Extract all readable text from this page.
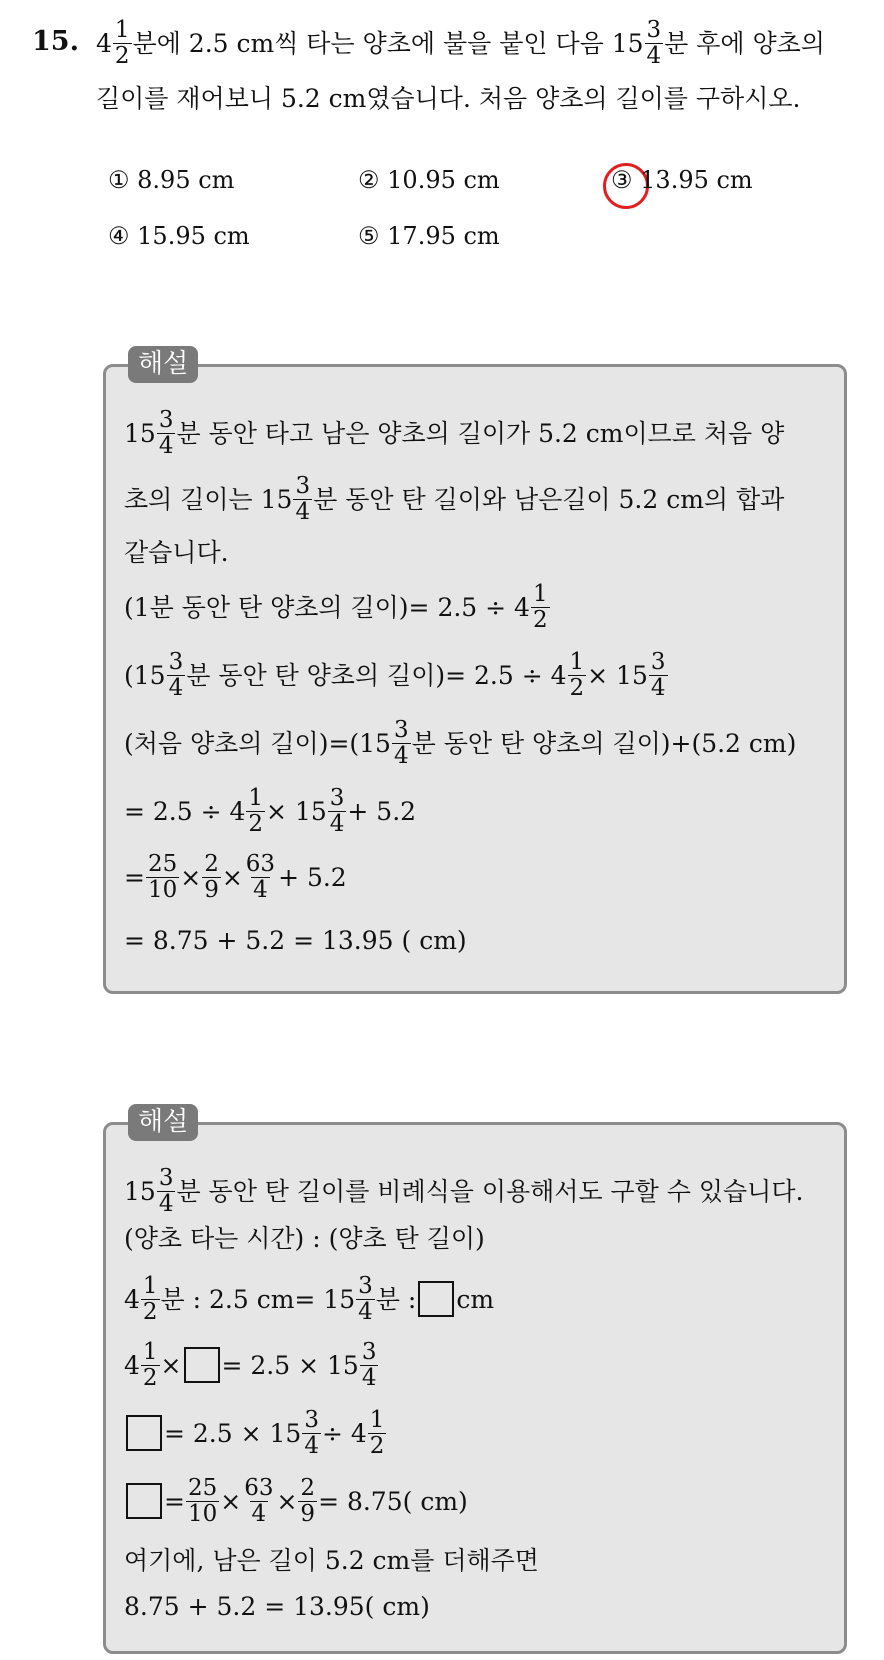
15. $4 \frac{1}{2}$ 분에 2.5 cm씩 타는 양초에 불을 붙인 다음 $15 \frac{3}{4}$ 분 후에 양초의
길이를 재어보니 5.2 cm였습니다. 처음 양초의 길이를 구하시오.
① 8.95 cm	② 10.95 cm	③ 13.95 cm
④ 15.95 cm	⑤ 17.95 cm
해설
$15 \frac{3}{4}$ 분 동안 타고 남은 양초의 길이가 5.2 cm이므로 처음 양
초의 길이는 $15 \frac{3}{4}$ 분 동안 탄 길이와 남은길이 5.2 cm의 합과
같습니다.
(1분 동안 탄 양초의 길이)= $2.5 \div 4 \frac{1}{2}$
($15 \frac{3}{4}$ 분 동안 탄 양초의 길이)= $2.5 \div 4 \frac{1}{2} \times 15 \frac{3}{4}$
(처음 양초의 길이)$=(15 \frac{3}{4}$ 분 동안 탄 양초의 길이)+(5.2 cm)
= $2.5 \div 4 \frac{1}{2} \times 15 \frac{3}{4} + 5.2$
= $\frac{25}{10} \times \frac{2}{9} \times \frac{63}{4} + 5.2$
= 8.75 + 5.2 = 13.95 ( cm)
해설
$15 \frac{3}{4}$ 분 동안 탄 길이를 비례식을 이용해서도 구할 수 있습니다.
(양초 타는 시간) : (양초 탄 길이)
$4 \frac{1}{2}$ 분 : 2.5 $cm= 15 \frac{3}{4}$ 분 : cm
$4 \frac{1}{2}$ × = $2.5 \times 15 \frac{3}{4}$
= $2.5 \times 15 \frac{3}{4} \div 4 \frac{1}{2}$
= $\frac{25}{10} \times \frac{63}{4} \times \frac{2}{9} = 8.75$( cm)
여기에, 남은 길이 5.2 cm를 더해주면
8.75 + 5.2 = 13.95( cm)
